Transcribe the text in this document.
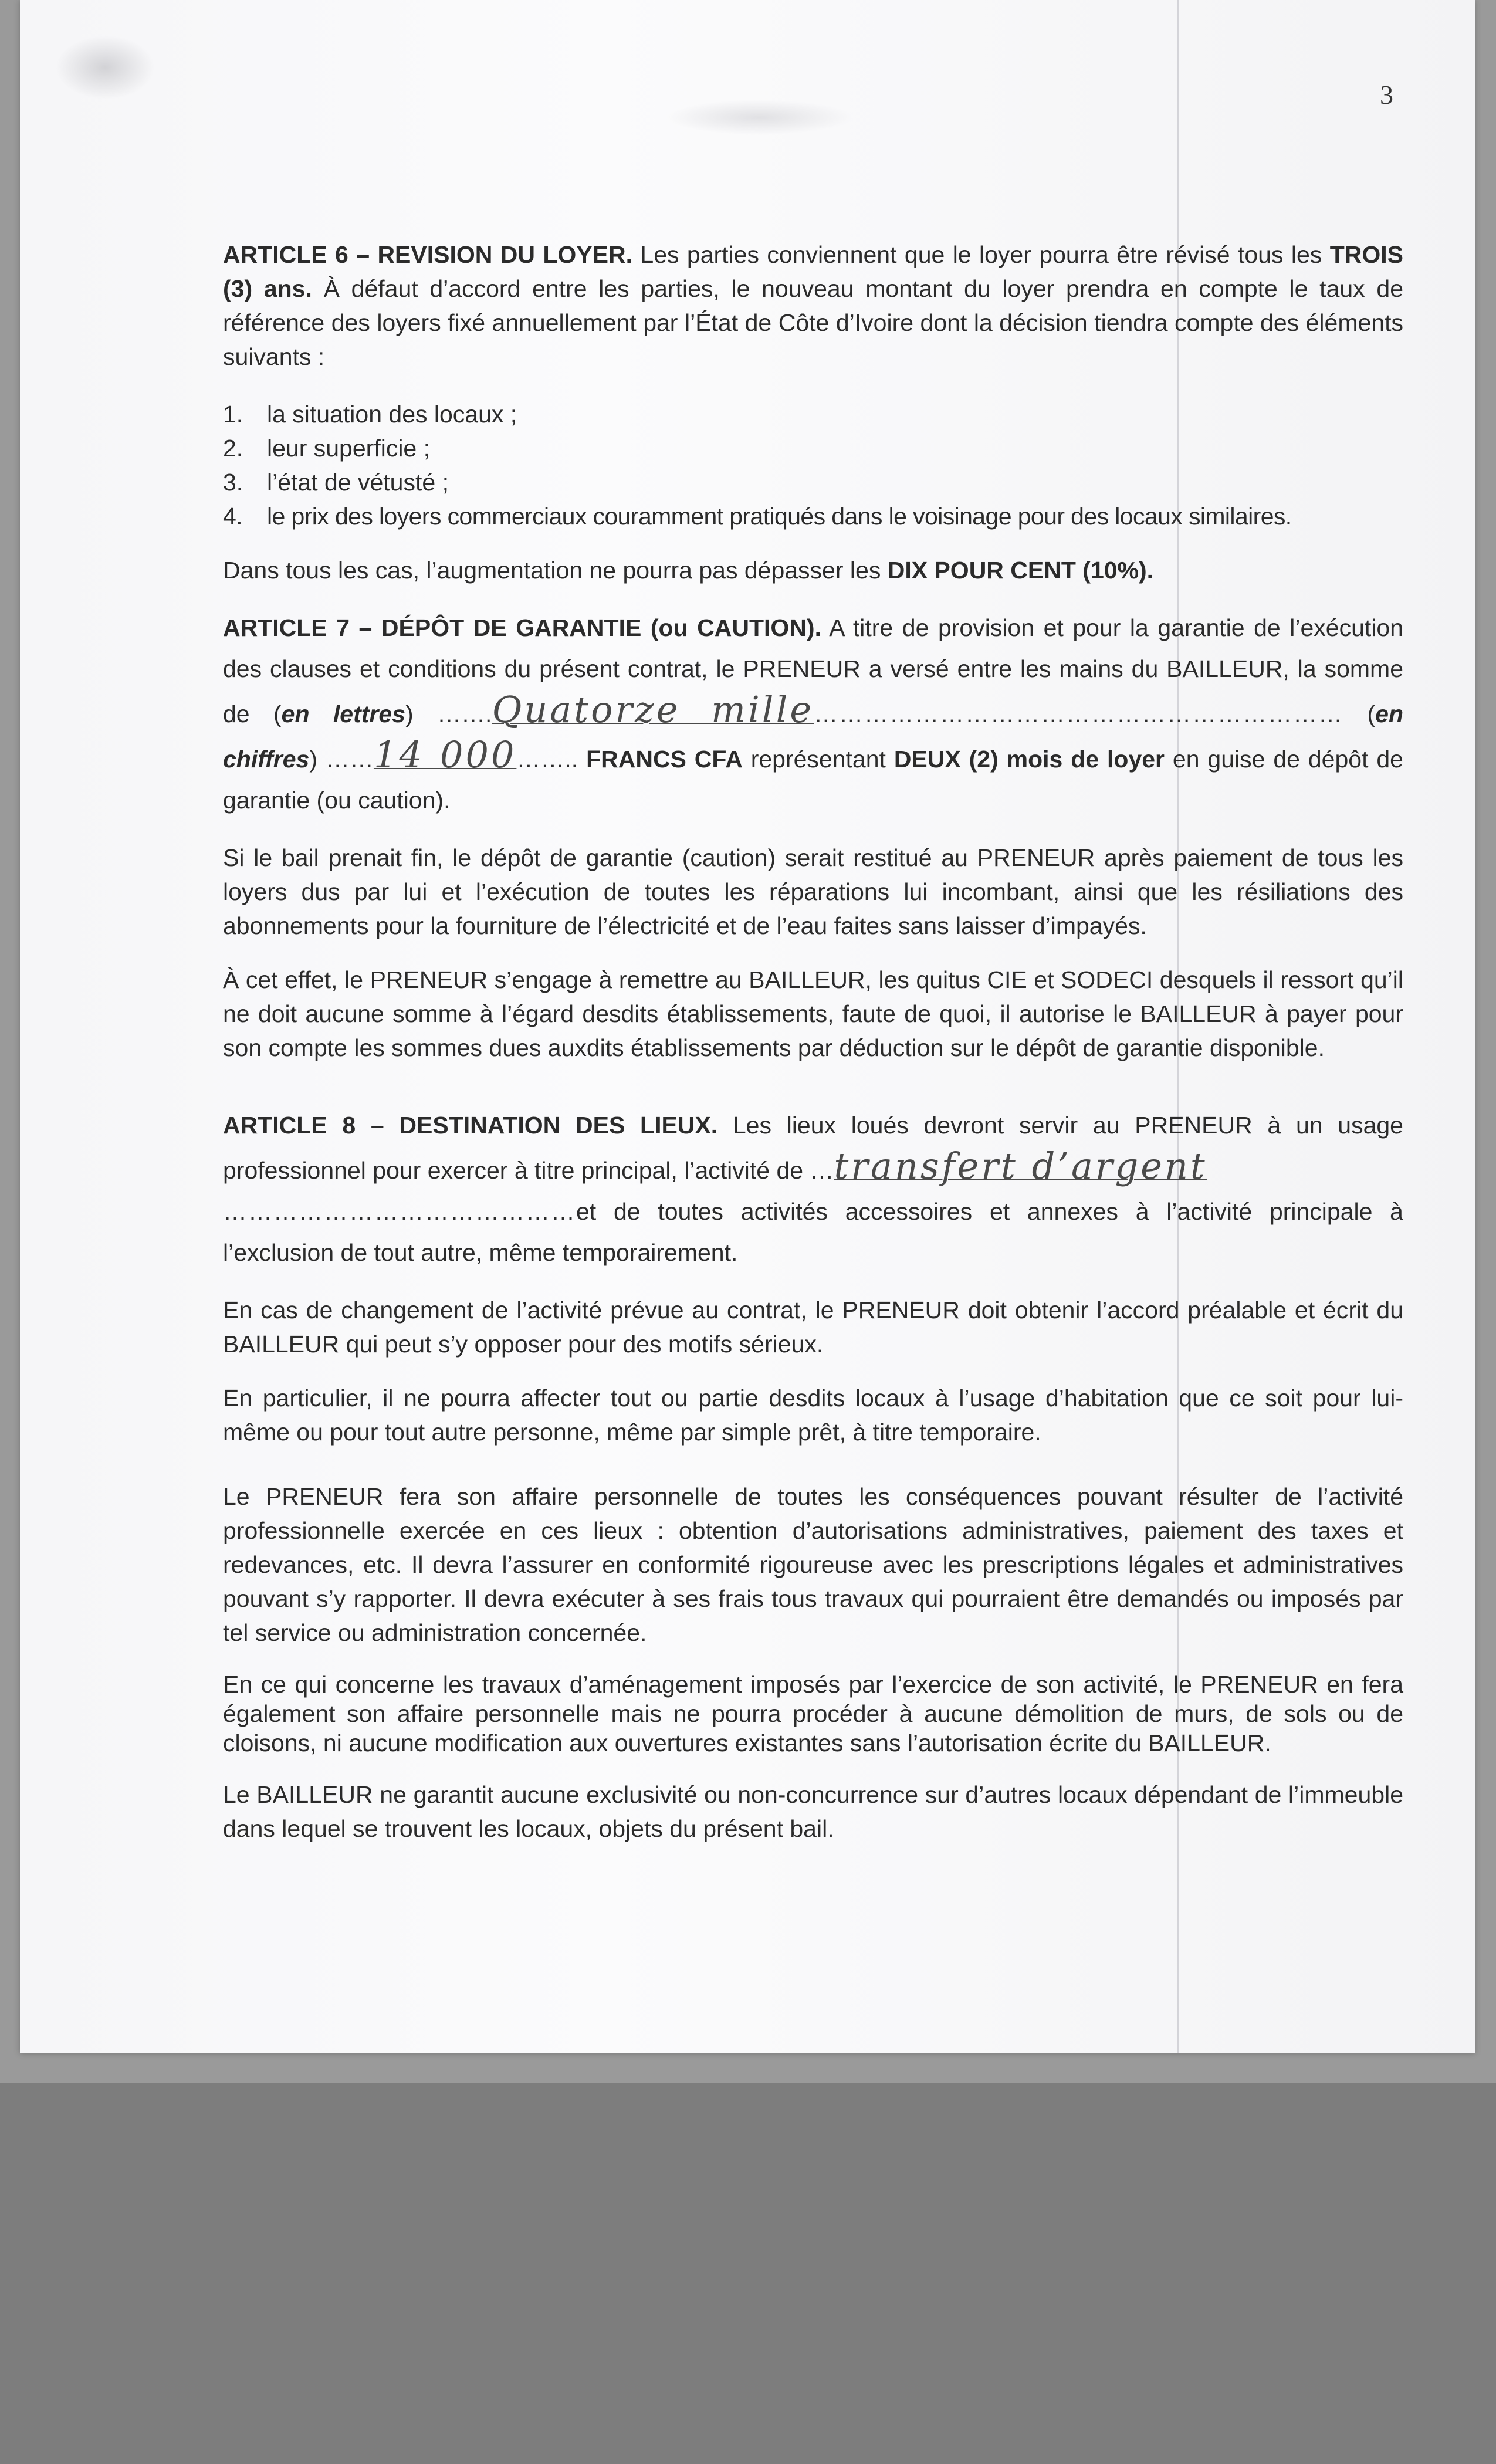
3

ARTICLE 6 – REVISION DU LOYER. Les parties conviennent que le loyer pourra être révisé tous les TROIS (3) ans. À défaut d’accord entre les parties, le nouveau montant du loyer prendra en compte le taux de référence des loyers fixé annuellement par l’État de Côte d’Ivoire dont la décision tiendra compte des éléments suivants :

1. la situation des locaux ;
2. leur superficie ;
3. l’état de vétusté ;
4. le prix des loyers commerciaux couramment pratiqués dans le voisinage pour des locaux similaires.

Dans tous les cas, l’augmentation ne pourra pas dépasser les DIX POUR CENT (10%).

ARTICLE 7 – DÉPÔT DE GARANTIE (ou CAUTION). A titre de provision et pour la garantie de l’exécution des clauses et conditions du présent contrat, le PRENEUR a versé entre les mains du BAILLEUR, la somme de (en lettres) …….Quatorze mille……………………………………………………… (en chiffres) ……14 000…….. FRANCS CFA représentant DEUX (2) mois de loyer en guise de dépôt de garantie (ou caution).

Si le bail prenait fin, le dépôt de garantie (caution) serait restitué au PRENEUR après paiement de tous les loyers dus par lui et l’exécution de toutes les réparations lui incombant, ainsi que les résiliations des abonnements pour la fourniture de l’électricité et de l’eau faites sans laisser d’impayés.

À cet effet, le PRENEUR s’engage à remettre au BAILLEUR, les quitus CIE et SODECI desquels il ressort qu’il ne doit aucune somme à l’égard desdits établissements, faute de quoi, il autorise le BAILLEUR à payer pour son compte les sommes dues auxdits établissements par déduction sur le dépôt de garantie disponible.

ARTICLE 8 – DESTINATION DES LIEUX. Les lieux loués devront servir au PRENEUR à un usage professionnel pour exercer à titre principal, l’activité de …transfert d’argent
……………………………………et de toutes activités accessoires et annexes à l’activité principale à l’exclusion de tout autre, même temporairement.

En cas de changement de l’activité prévue au contrat, le PRENEUR doit obtenir l’accord préalable et écrit du BAILLEUR qui peut s’y opposer pour des motifs sérieux.

En particulier, il ne pourra affecter tout ou partie desdits locaux à l’usage d’habitation que ce soit pour lui-même ou pour tout autre personne, même par simple prêt, à titre temporaire.

Le PRENEUR fera son affaire personnelle de toutes les conséquences pouvant résulter de l’activité professionnelle exercée en ces lieux : obtention d’autorisations administratives, paiement des taxes et redevances, etc. Il devra l’assurer en conformité rigoureuse avec les prescriptions légales et administratives pouvant s’y rapporter. Il devra exécuter à ses frais tous travaux qui pourraient être demandés ou imposés par tel service ou administration concernée.

En ce qui concerne les travaux d’aménagement imposés par l’exercice de son activité, le PRENEUR en fera également son affaire personnelle mais ne pourra procéder à aucune démolition de murs, de sols ou de cloisons, ni aucune modification aux ouvertures existantes sans l’autorisation écrite du BAILLEUR.

Le BAILLEUR ne garantit aucune exclusivité ou non-concurrence sur d’autres locaux dépendant de l’immeuble dans lequel se trouvent les locaux, objets du présent bail.
